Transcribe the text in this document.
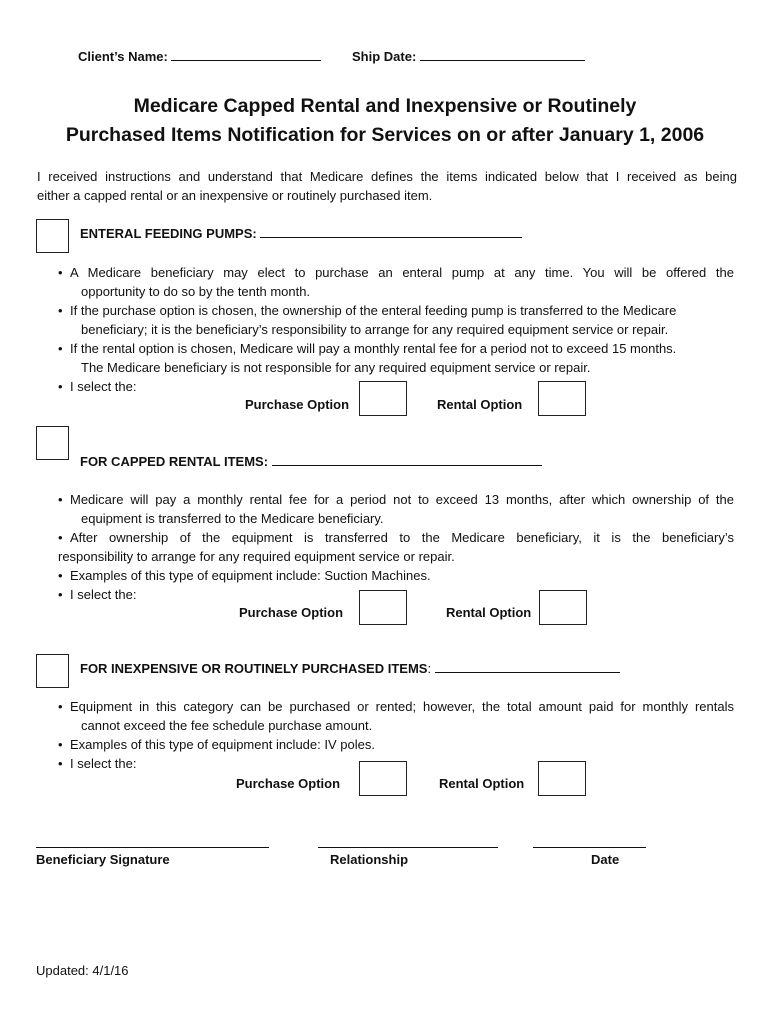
Client’s Name:	Ship Date:
Medicare Capped Rental and Inexpensive or Routinely
Purchased Items Notification for Services on or after January 1, 2006
I received instructions and understand that Medicare defines the items indicated below that I received as being
either a capped rental or an inexpensive or routinely purchased item.
ENTERAL FEEDING PUMPS:
• A Medicare beneficiary may elect to purchase an enteral pump at any time. You will be offered the
opportunity to do so by the tenth month.
• If the purchase option is chosen, the ownership of the enteral feeding pump is transferred to the Medicare
beneficiary; it is the beneficiary’s responsibility to arrange for any required equipment service or repair.
• If the rental option is chosen, Medicare will pay a monthly rental fee for a period not to exceed 15 months.
The Medicare beneficiary is not responsible for any required equipment service or repair.
• I select the:
Purchase Option	Rental Option
FOR CAPPED RENTAL ITEMS:
• Medicare will pay a monthly rental fee for a period not to exceed 13 months, after which ownership of the
equipment is transferred to the Medicare beneficiary.
• After ownership of the equipment is transferred to the Medicare beneficiary, it is the beneficiary’s
responsibility to arrange for any required equipment service or repair.
• Examples of this type of equipment include: Suction Machines.
• I select the:
Purchase Option	Rental Option
FOR INEXPENSIVE OR ROUTINELY PURCHASED ITEMS:
• Equipment in this category can be purchased or rented; however, the total amount paid for monthly rentals
cannot exceed the fee schedule purchase amount.
• Examples of this type of equipment include: IV poles.
• I select the:
Purchase Option	Rental Option
Beneficiary Signature	Relationship	Date
Updated: 4/1/16
